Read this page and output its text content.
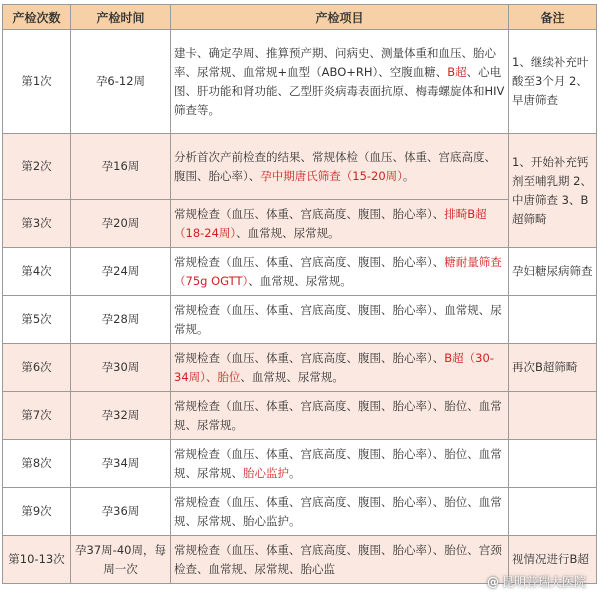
产检次数	产检时间	产检项目	备注
第1次	孕6-12周	建卡、确定孕周、推算预产期、问病史、测量体重和血压、胎心率、尿常规、血常规+血型（ABO+RH）、空腹血糖、B超、心电图、肝功能和肾功能、乙型肝炎病毒表面抗原、梅毒螺旋体和HIV筛查等。	1、继续补充叶酸至3个月 2、早唐筛查
第2次	孕16周	分析首次产前检查的结果、常规体检（血压、体重、宫底高度、腹围、胎心率）、孕中期唐氏筛查（15-20周）。	1、开始补充钙剂至哺乳期 2、中唐筛查 3、B超筛畸
第3次	孕20周	常规检查（血压、体重、宫底高度、腹围、胎心率）、排畸B超（18-24周）、血常规、尿常规。	
第4次	孕24周	常规检查（血压、体重、宫底高度、腹围、胎心率）、糖耐量筛查（75g OGTT）、血常规、尿常规。	孕妇糖尿病筛查
第5次	孕28周	常规检查（血压、体重、宫底高度、腹围、胎心率）、血常规、尿常规。	
第6次	孕30周	常规检查（血压、体重、宫底高度、腹围、胎心率）、B超（30-34周）、胎位、血常规、尿常规。	再次B超筛畸
第7次	孕32周	常规检查（血压、体重、宫底高度、腹围、胎心率）、胎位、血常规、尿常规。	
第8次	孕34周	常规检查（血压、体重、宫底高度、腹围、胎心率）、胎位、血常规、尿常规、胎心监护。	
第9次	孕36周	常规检查（血压、体重、宫底高度、腹围、胎心率）、胎位、血常规、尿常规、胎心监护。	
第10-13次	孕37周-40周，每周一次	常规检查（血压、体重、宫底高度、腹围、胎心率）、胎位、宫颈检查、血常规、尿常规、胎心监	视情况进行B超
@ 昆明普瑞大医院
